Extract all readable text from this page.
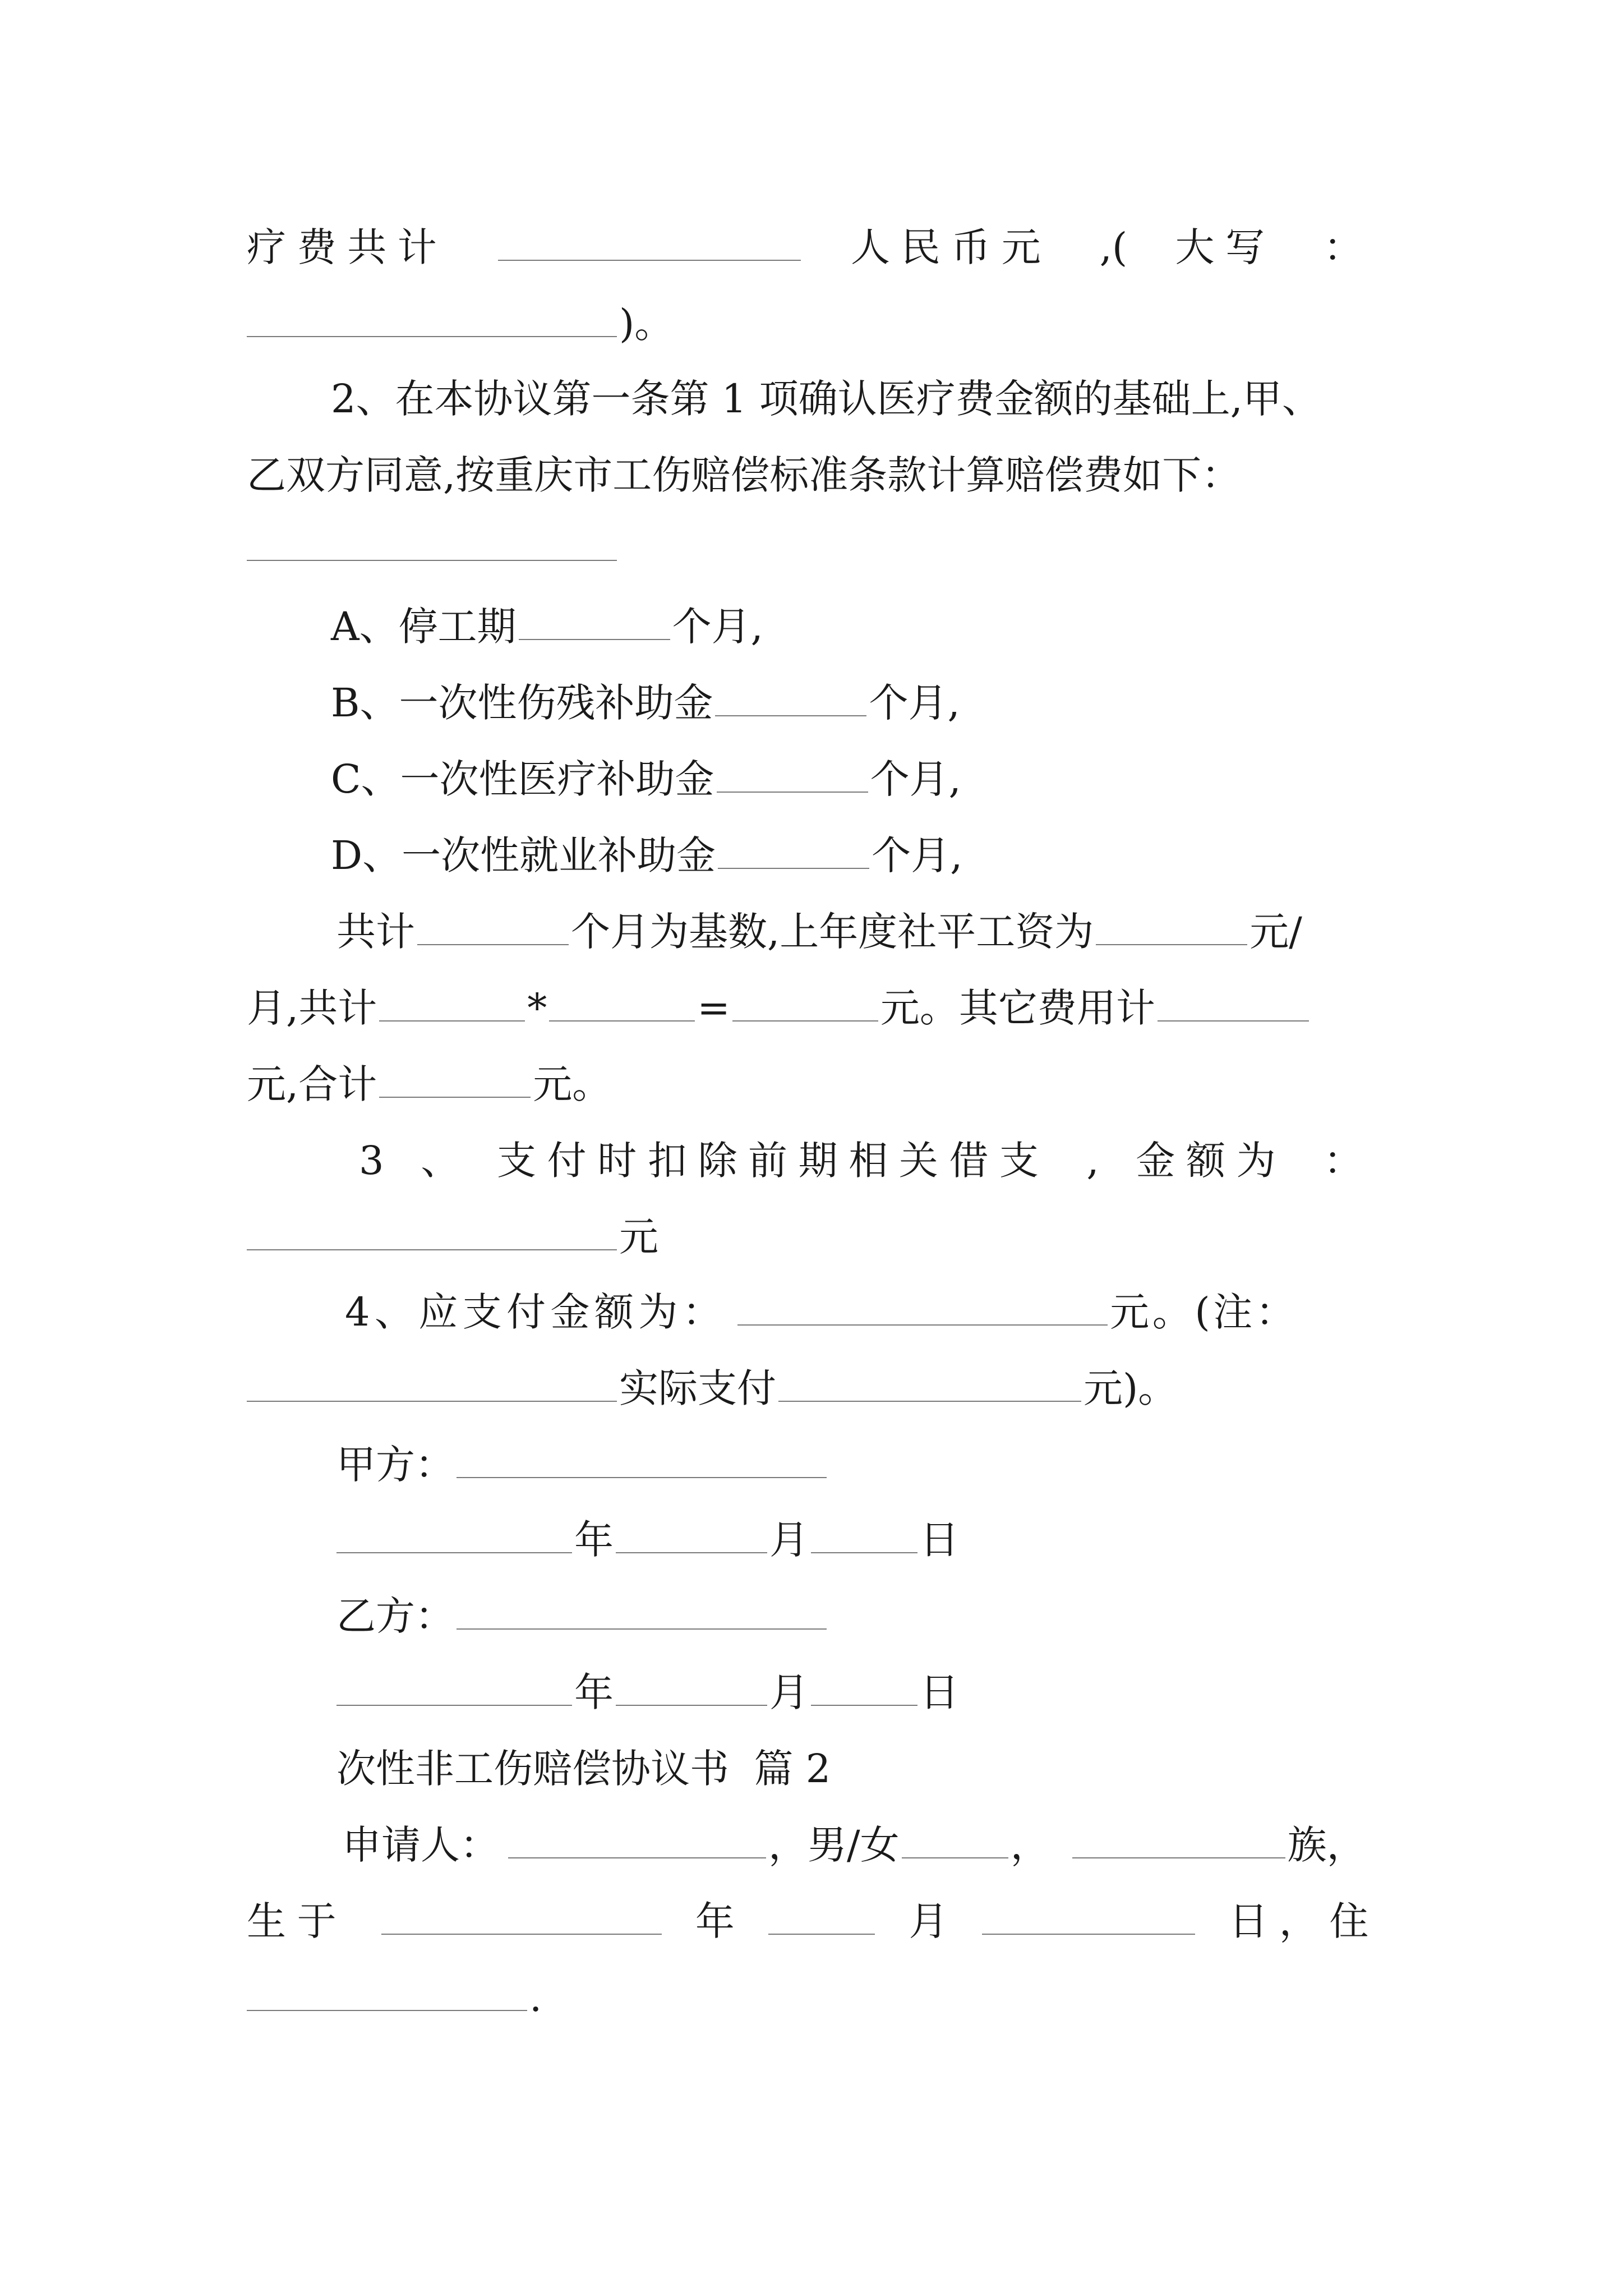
疗费共计	人民币元 ,( 大写 ：
)。
2、在本协议第一条第 1 项确认医疗费金额的基础上,甲、
乙双方同意,按重庆市工伤赔偿标准条款计算赔偿费如下：
A、停工期	个月,
B、一次性伤残补助金	个月,
C、一次性医疗补助金	个月,
D、一次性就业补助金	个月,
共计	个月为基数,上年度社平工资为	元/
月,共计	*	=	元。其它费用计
元,合计	元。
3 、 支付时扣除前期相关借支 , 金额为 ：
元
4、应支付金额为：	元。(注：
实际支付	元)。
甲方：
年	月	日
乙方：
年	月	日
次性非工伤赔偿协议书  篇 2
申请人：	，男/女	，	族，
生于	年	月	日，住
.
